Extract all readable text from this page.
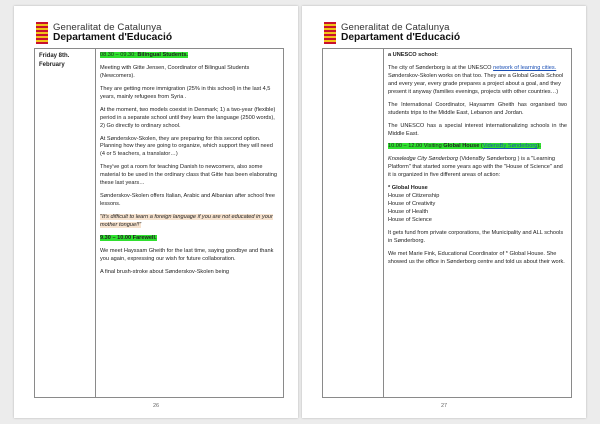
Generalitat de Catalunya
Departament d'Educació
Friday 8th. February	

08.30 – 09.30: Bilingual Students.

Meeting with Gitte Jensen, Coordinator of Bilingual Students (Newcomers).

They are getting more immigration (25% in this school) in the last 4,5 years, mainly refugees from Syria .

At the moment, two models coexist in Denmark; 1) a two-year (flexible) period in a separate school until they learn the language (2500 words), 2) Go directly to ordinary school.

At Sønderskov-Skolen, they are preparing for this second option. Planning how they are going to organize, which support they will need (4 or 5 teachers, a translator…)

They've got a room for teaching Danish to newcomers, also some material to be used in the ordinary class that Gitte has been elaborating these last years…

Sønderskov-Skolen offers Italian, Arabic and Albanian after school free lessons.

"It's difficult to learn a foreign language if you are not educated in your mother tongue!!"

9.30 – 10.00 Farewell.

We meet Hayssam Gheith for the last time, saying goodbye and thank you again, expressing our wish for future collaboration.

A final brush-stroke about Sønderskov-Skolen being

26
Generalitat de Catalunya
Departament d'Educació

a UNESCO school:

The city of Sønderborg is at the UNESCO network of learning cities.
Sønderskov-Skolen works on that too. They are a Global Goals School and every year, every grade prepares a project about a goal, and they present it anyway (families evenings, projects with other countries…)

The International Coordinator, Haysamm Gheith has organised two students trips to the Middle East, Lebanon and Jordan.

The UNESCO has a special interest internationalizing schools in the Middle East.

10.00 – 12.00 Visiting Global House (VidensBy Sønderborg).

Knowledge City Sønderborg (VidensBy Sønderborg ) is a "Learning Platform" that started some years ago with the "House of Science" and it is organized in five different areas of action:

* Global House
House of Citizenship
House of Creativity
House of Health
House of Science

It gets fund from private corporations, the Municipality and ALL schools in Sønderborg.

We met Marie Fink, Educational Coordinator of * Global House. She showed us the office in Sønderborg centre and told us about their work.

27
